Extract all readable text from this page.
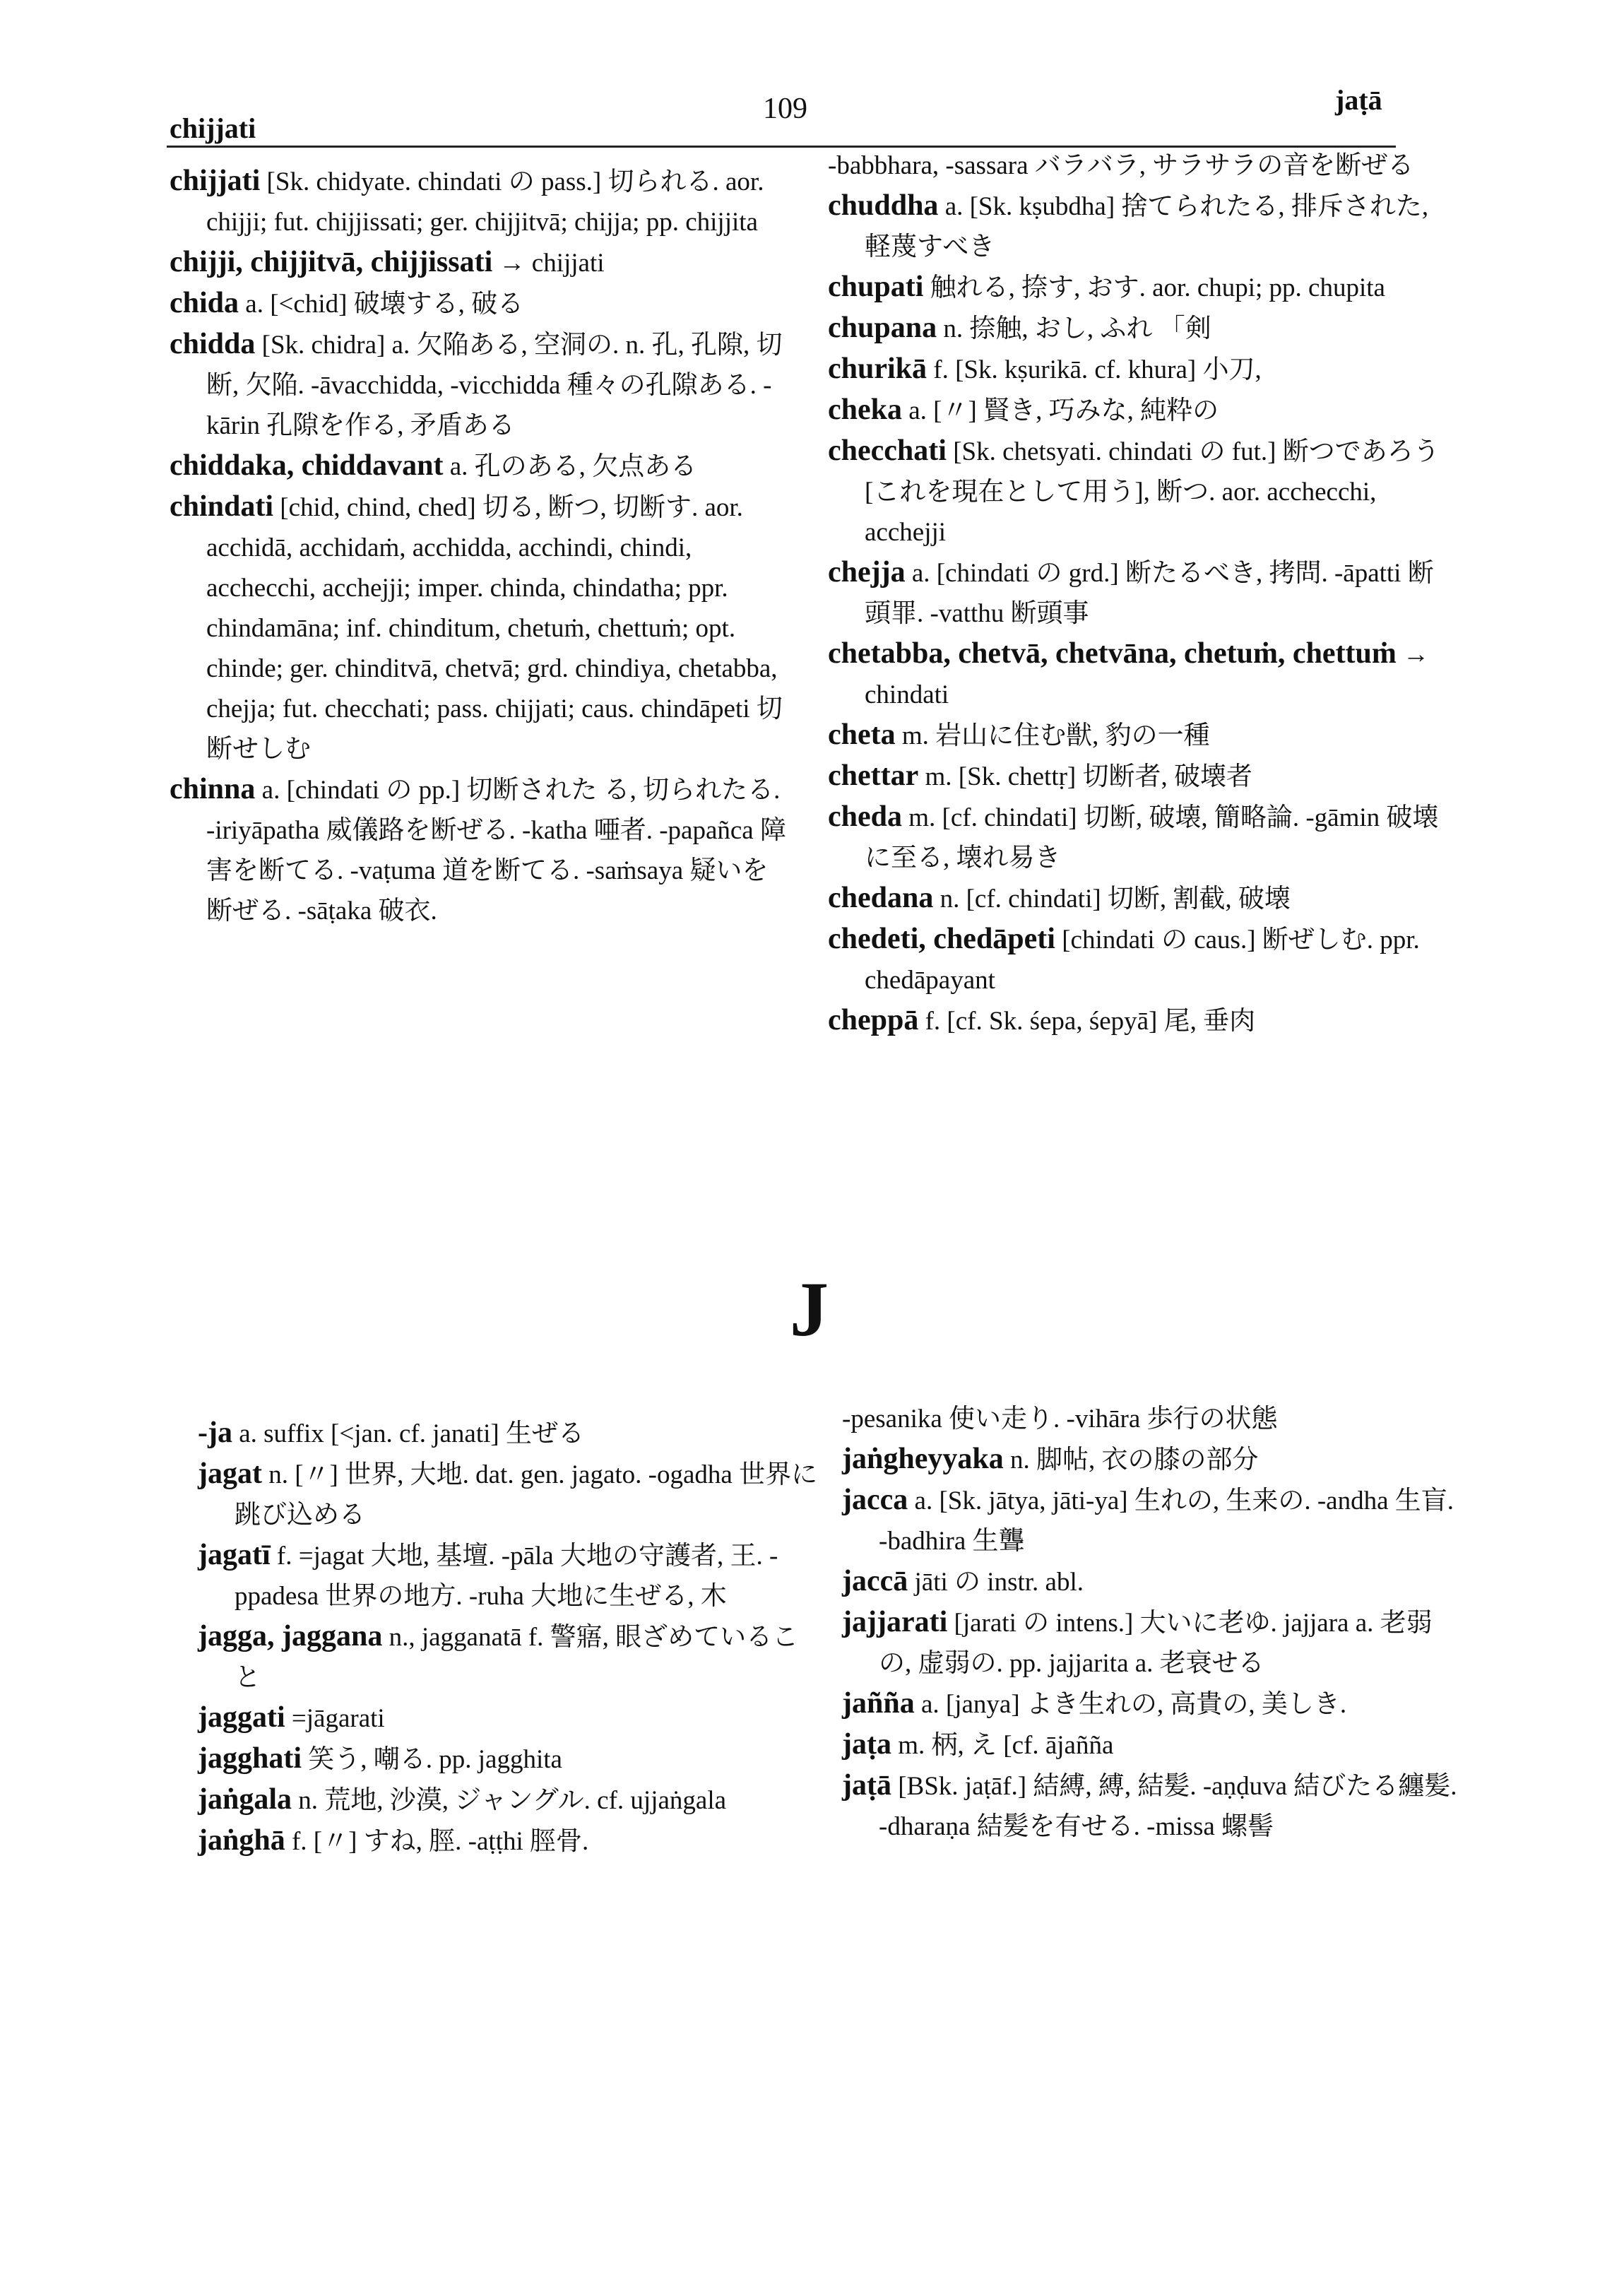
chijjati
109	jaṭā

chijjati [Sk. chidyate. chindati の pass.] 切られる. aor. chijji; fut. chijjissati; ger. chijjitvā; chijja; pp. chijjita

chijji, chijjitvā, chijjissati → chijjati

chida a. [<chid] 破壊する, 破る

chidda [Sk. chidra] a. 欠陥ある, 空洞の. n. 孔, 孔隙, 切断, 欠陥. -āvacchidda, -vicchidda 種々の孔隙ある. -kārin 孔隙を作る, 矛盾ある

chiddaka, chiddavant a. 孔のある, 欠点ある

chindati [chid, chind, ched] 切る, 断つ, 切断す. aor. acchidā, acchidaṁ, acchidda, acchindi, chindi, acchecchi, acchejji; imper. chinda, chindatha; ppr. chindamāna; inf. chinditum, chetuṁ, chettuṁ; opt. chinde; ger. chinditvā, chetvā; grd. chindiya, chetabba, chejja; fut. checchati; pass. chijjati; caus. chindāpeti 切断せしむ

chinna a. [chindati の pp.] 切断された る, 切られたる. -iriyāpatha 威儀路を断ぜる. -katha 唖者. -papañca 障害を断てる. -vaṭuma 道を断てる. -saṁsaya 疑いを断ぜる. -sāṭaka 破衣.

-babbhara, -sassara バラバラ, サラサラの音を断ぜる

chuddha a. [Sk. kṣubdha] 捨てられたる, 排斥された, 軽蔑すべき

chupati 触れる, 捺す, おす. aor. chupi; pp. chupita

chupana n. 捺触, おし, ふれ 「剣

churikā f. [Sk. kṣurikā. cf. khura] 小刀,

cheka a. [〃] 賢き, 巧みな, 純粋の

checchati [Sk. chetsyati. chindati の fut.] 断つであろう [これを現在として用う], 断つ. aor. acchecchi, acchejji

chejja a. [chindati の grd.] 断たるべき, 拷問. -āpatti 断頭罪. -vatthu 断頭事

chetabba, chetvā, chetvāna, chetuṁ, chettuṁ → chindati

cheta m. 岩山に住む獣, 豹の一種

chettar m. [Sk. chettṛ] 切断者, 破壊者

cheda m. [cf. chindati] 切断, 破壊, 簡略論. -gāmin 破壊に至る, 壊れ易き

chedana n. [cf. chindati] 切断, 割截, 破壊

chedeti, chedāpeti [chindati の caus.] 断ぜしむ. ppr. chedāpayant

cheppā f. [cf. Sk. śepa, śepyā] 尾, 垂肉

J

-ja a. suffix [<jan. cf. janati] 生ぜる

jagat n. [〃] 世界, 大地. dat. gen. jagato. -ogadha 世界に跳び込める

jagatī f. =jagat 大地, 基壇. -pāla 大地の守護者, 王. -ppadesa 世界の地方. -ruha 大地に生ぜる, 木

jagga, jaggana n., jagganatā f. 警寤, 眼ざめていること

jaggati =jāgarati

jagghati 笑う, 嘲る. pp. jagghita

jaṅgala n. 荒地, 沙漠, ジャングル. cf. ujjaṅgala

jaṅghā f. [〃] すね, 脛. -aṭṭhi 脛骨.

-pesanika 使い走り. -vihāra 歩行の状態

jaṅgheyyaka n. 脚帖, 衣の膝の部分

jacca a. [Sk. jātya, jāti-ya] 生れの, 生来の. -andha 生盲. -badhira 生聾

jaccā jāti の instr. abl.

jajjarati [jarati の intens.] 大いに老ゆ. jajjara a. 老弱の, 虚弱の. pp. jajjarita a. 老衰せる

jañña a. [janya] よき生れの, 高貴の, 美しき.

jaṭa m. 柄, え [cf. ājañña

jaṭā [BSk. jaṭāf.] 結縛, 縛, 結髪. -aṇḍuva 結びたる纏髪. -dharaṇa 結髪を有せる. -missa 螺髻
